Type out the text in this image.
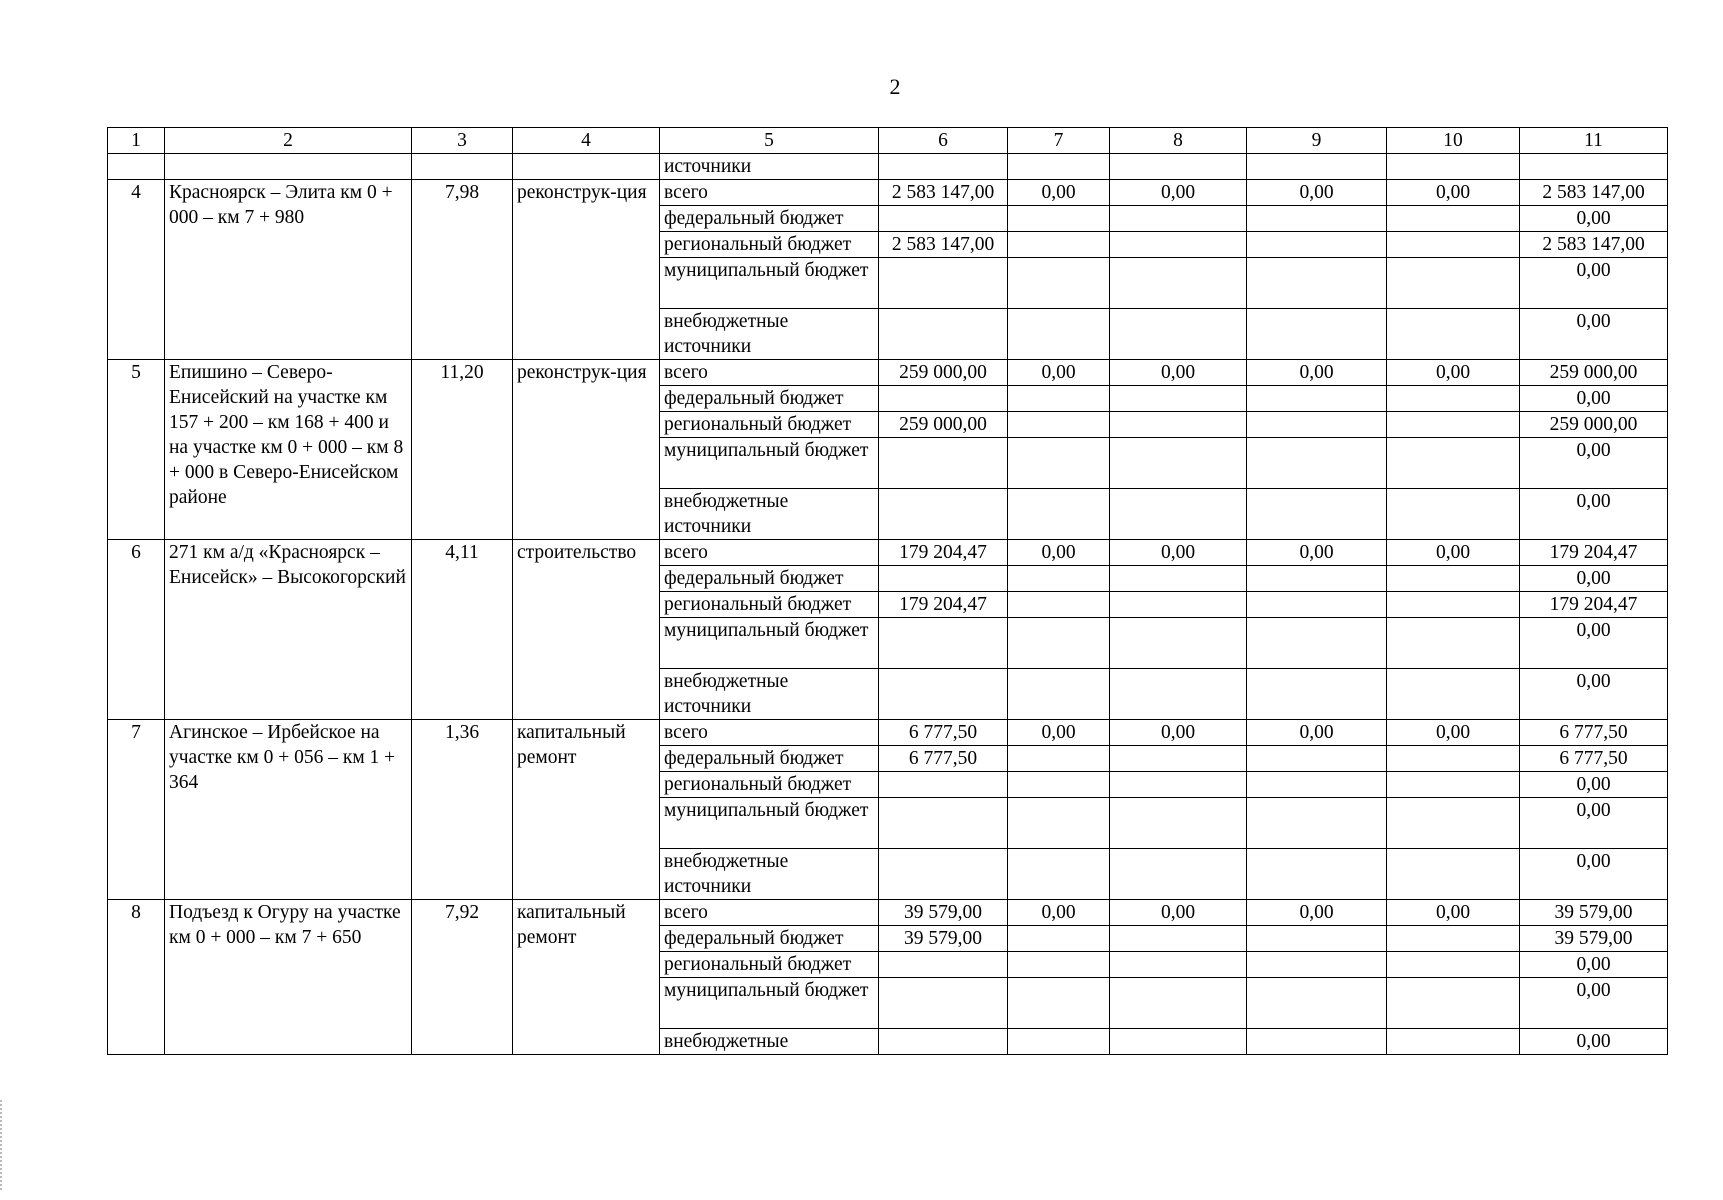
2
1	2	3	4	5	6	7	8	9	10	11
				источники						
4	Красноярск – Элита км 0 + 000 – км 7 + 980	7,98	реконструк-ция	всего	2 583 147,00	0,00	0,00	0,00	0,00	2 583 147,00
				федеральный бюджет						0,00
				региональный бюджет	2 583 147,00					2 583 147,00
				муниципальный бюджет						0,00
				внебюджетные источники						0,00
5	Епишино – Северо-Енисейский на участке км 157 + 200 – км 168 + 400 и на участке км 0 + 000 – км 8 + 000 в Северо-Енисейском районе	11,20	реконструк-ция	всего	259 000,00	0,00	0,00	0,00	0,00	259 000,00
				федеральный бюджет						0,00
				региональный бюджет	259 000,00					259 000,00
				муниципальный бюджет						0,00
				внебюджетные источники						0,00
6	271 км а/д «Красноярск – Енисейск» – Высокогорский	4,11	строительство	всего	179 204,47	0,00	0,00	0,00	0,00	179 204,47
				федеральный бюджет						0,00
				региональный бюджет	179 204,47					179 204,47
				муниципальный бюджет						0,00
				внебюджетные источники						0,00
7	Агинское – Ирбейское на участке км 0 + 056 – км 1 + 364	1,36	капитальный ремонт	всего	6 777,50	0,00	0,00	0,00	0,00	6 777,50
				федеральный бюджет	6 777,50					6 777,50
				региональный бюджет						0,00
				муниципальный бюджет						0,00
				внебюджетные источники						0,00
8	Подъезд к Огуру на участке км 0 + 000 – км 7 + 650	7,92	капитальный ремонт	всего	39 579,00	0,00	0,00	0,00	0,00	39 579,00
				федеральный бюджет	39 579,00					39 579,00
				региональный бюджет						0,00
				муниципальный бюджет						0,00
				внебюджетные						0,00
